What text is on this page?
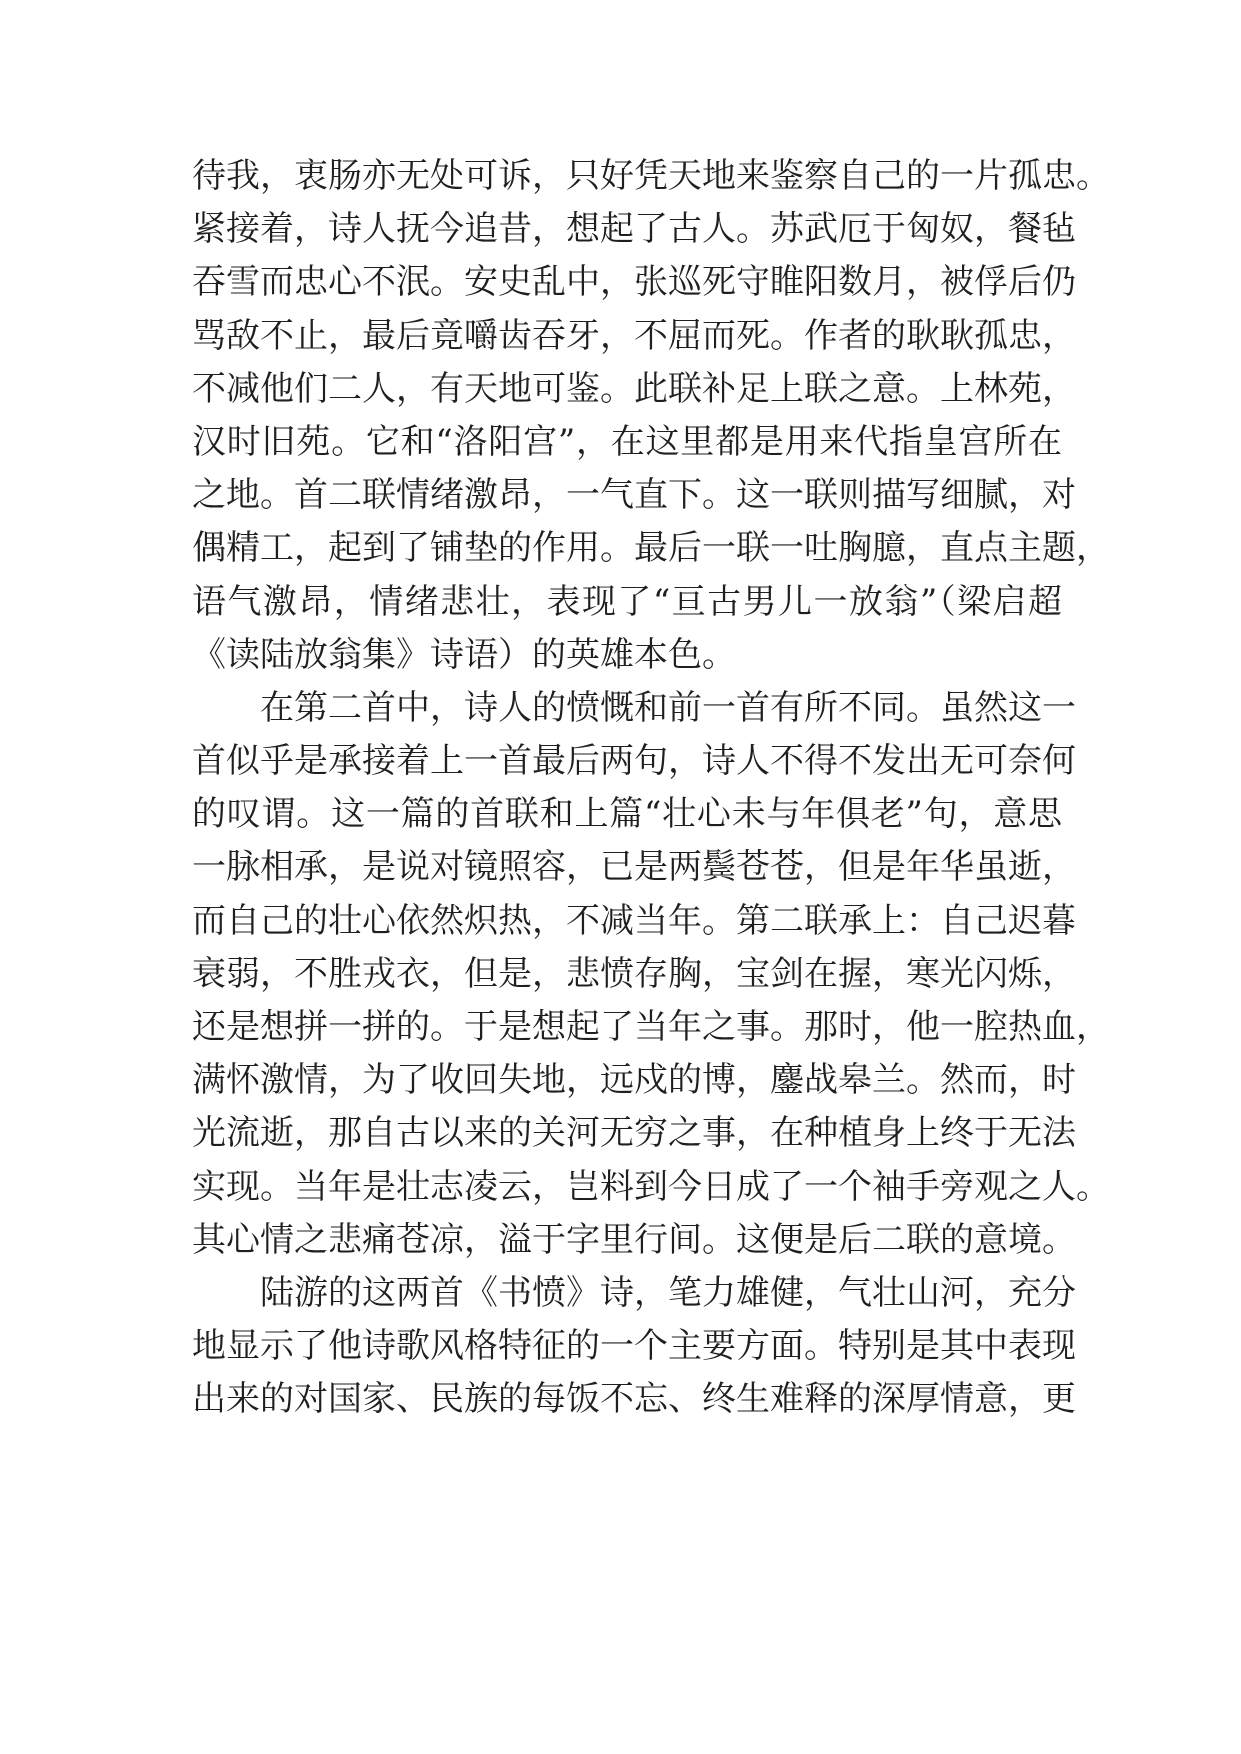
待我，衷肠亦无处可诉，只好凭天地来鉴察自己的一片孤忠。
紧接着，诗人抚今追昔，想起了古人。苏武厄于匈奴，餐毡
吞雪而忠心不泯。安史乱中，张巡死守睢阳数月，被俘后仍
骂敌不止，最后竟嚼齿吞牙，不屈而死。作者的耿耿孤忠，
不减他们二人，有天地可鉴。此联补足上联之意。上林苑，
汉时旧苑。它和“洛阳宫”，在这里都是用来代指皇宫所在
之地。首二联情绪激昂，一气直下。这一联则描写细腻，对
偶精工，起到了铺垫的作用。最后一联一吐胸臆，直点主题，
语气激昂，情绪悲壮，表现了“亘古男儿一放翁”（梁启超
《读陆放翁集》诗语）的英雄本色。
在第二首中，诗人的愤慨和前一首有所不同。虽然这一
首似乎是承接着上一首最后两句，诗人不得不发出无可奈何
的叹谓。这一篇的首联和上篇“壮心未与年俱老”句，意思
一脉相承，是说对镜照容，已是两鬓苍苍，但是年华虽逝，
而自己的壮心依然炽热，不减当年。第二联承上：自己迟暮
衰弱，不胜戎衣，但是，悲愤存胸，宝剑在握，寒光闪烁，
还是想拼一拼的。于是想起了当年之事。那时，他一腔热血，
满怀激情，为了收回失地，远戍的博，鏖战皋兰。然而，时
光流逝，那自古以来的关河无穷之事，在种植身上终于无法
实现。当年是壮志凌云，岂料到今日成了一个袖手旁观之人。
其心情之悲痛苍凉，溢于字里行间。这便是后二联的意境。
陆游的这两首《书愤》诗，笔力雄健，气壮山河，充分
地显示了他诗歌风格特征的一个主要方面。特别是其中表现
出来的对国家、民族的每饭不忘、终生难释的深厚情意，更
